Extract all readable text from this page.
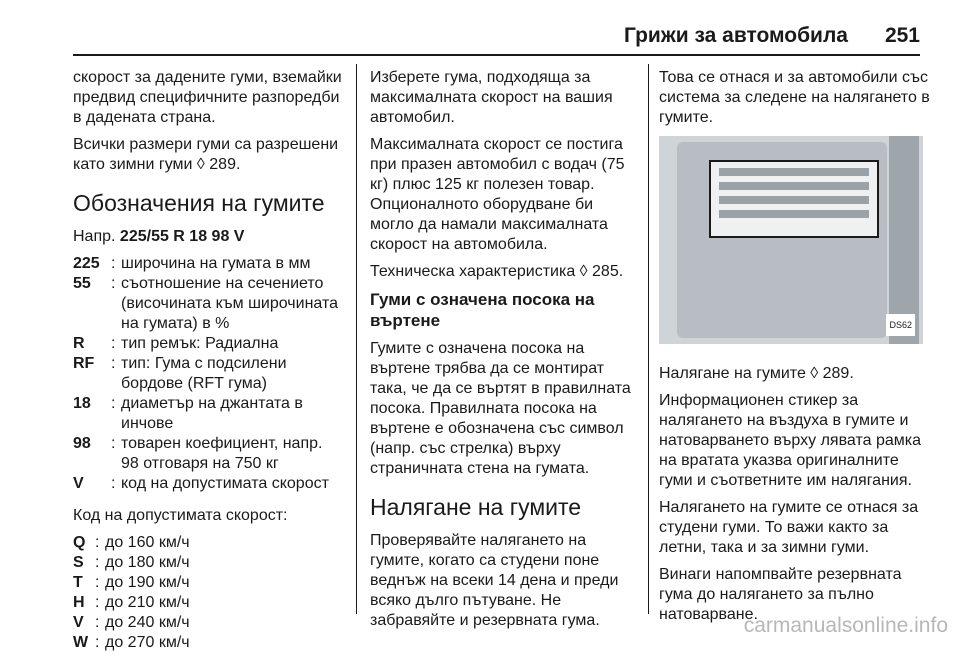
Грижи за автомобила 251

скорост за дадените гуми, вземайки предвид специфичните разпоредби в дадената страна.

Всички размери гуми са разрешени като зимни гуми ◊ 289.

Обозначения на гумите

Напр. 225/55 R 18 98 V

225 : широчина на гумата в мм
55	: съотношение на сечението (височината към широчината на гумата) в %
R	: тип ремък: Радиална
RF	: тип: Гума с подсилени бордове (RFT гума)
18	: диаметър на джантата в инчове
98	: товарен коефициент, напр. 98 отговаря на 750 кг
V	: код на допустимата скорост

Код на допустимата скорост:

Q : до 160 км/ч
S : до 180 км/ч
T : до 190 км/ч
H : до 210 км/ч
V : до 240 км/ч
W : до 270 км/ч

Изберете гума, подходяща за максималната скорост на вашия автомобил.

Максималната скорост се постига при празен автомобил с водач (75 кг) плюс 125 кг полезен товар. Опционалното оборудване би могло да намали максималната скорост на автомобила.

Техническа характеристика ◊ 285.

Гуми с означена посока на въртене

Гумите с означена посока на въртене трябва да се монтират така, че да се въртят в правилната посока. Правилната посока на въртене е обозначена със символ (напр. със стрелка) върху страничната стена на гумата.

Налягане на гумите

Проверявайте налягането на гумите, когато са студени поне веднъж на всеки 14 дена и преди всяко дълго пътуване. Не забравяйте и резервната гума.

Това се отнася и за автомобили със система за следене на налягането в гумите.

DS62

Налягане на гумите ◊ 289.

Информационен стикер за налягането на въздуха в гумите и натоварването върху лявата рамка на вратата указва оригиналните гуми и съответните им налягания.

Налягането на гумите се отнася за студени гуми. То важи както за летни, така и за зимни гуми.

Винаги напомпвайте резервната гума до налягането за пълно натоварване.

carmanualsonline.info
